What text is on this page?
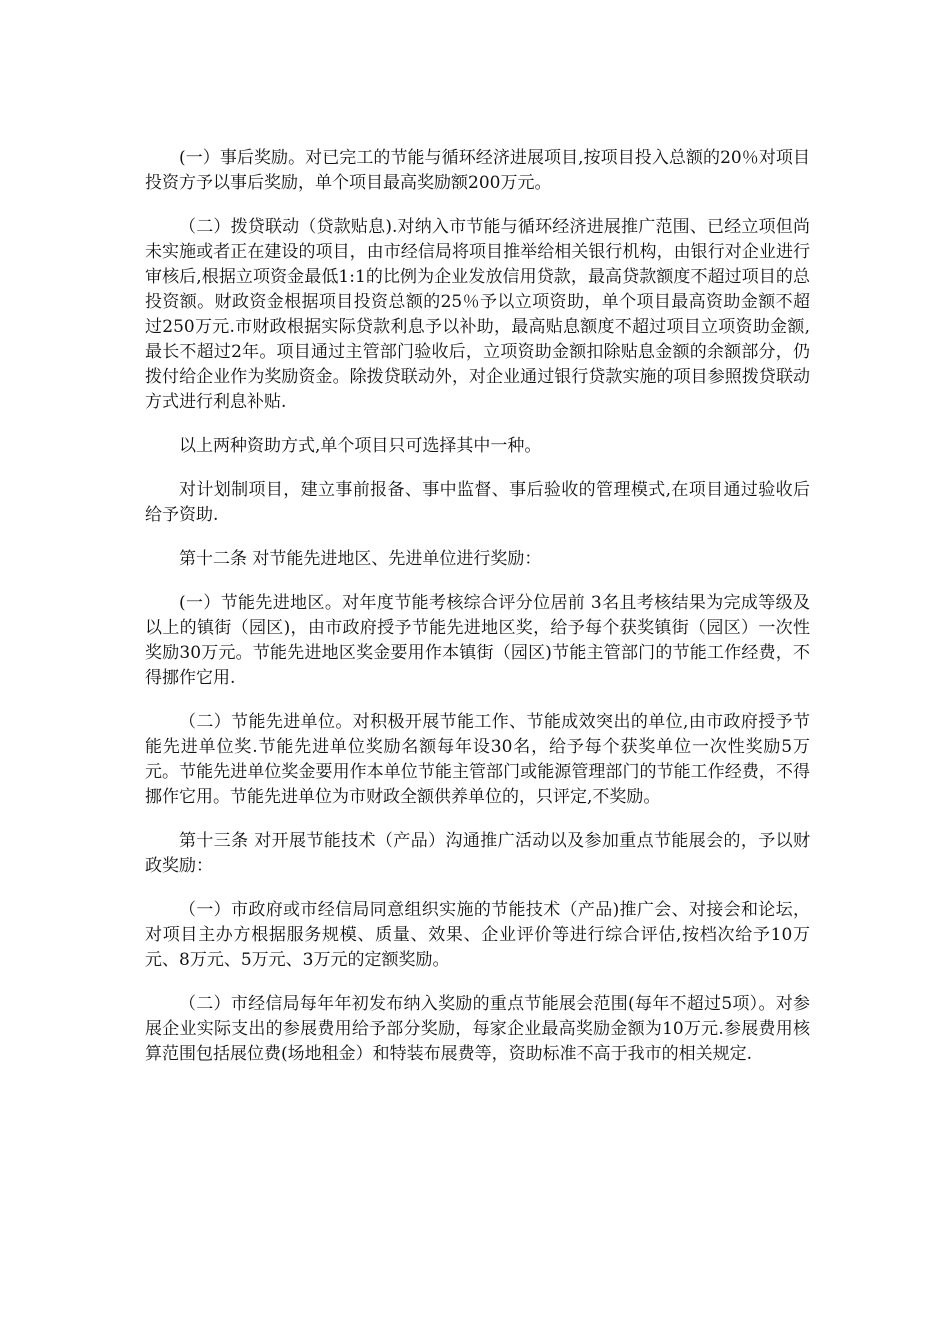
(一）事后奖励。对已完工的节能与循环经济进展项目,按项目投入总额的20％对项目投资方予以事后奖励，单个项目最高奖励额200万元。

（二）拨贷联动（贷款贴息).对纳入市节能与循环经济进展推广范围、已经立项但尚未实施或者正在建设的项目，由市经信局将项目推举给相关银行机构，由银行对企业进行审核后,根据立项资金最低1:1的比例为企业发放信用贷款，最高贷款额度不超过项目的总投资额。财政资金根据项目投资总额的25％予以立项资助，单个项目最高资助金额不超过250万元.市财政根据实际贷款利息予以补助，最高贴息额度不超过项目立项资助金额,最长不超过2年。项目通过主管部门验收后，立项资助金额扣除贴息金额的余额部分，仍拨付给企业作为奖励资金。除拨贷联动外，对企业通过银行贷款实施的项目参照拨贷联动方式进行利息补贴.

以上两种资助方式,单个项目只可选择其中一种。

对计划制项目，建立事前报备、事中监督、事后验收的管理模式,在项目通过验收后给予资助.

第十二条 对节能先进地区、先进单位进行奖励：

(一）节能先进地区。对年度节能考核综合评分位居前 3名且考核结果为完成等级及以上的镇街（园区)，由市政府授予节能先进地区奖，给予每个获奖镇街（园区）一次性奖励30万元。节能先进地区奖金要用作本镇街（园区)节能主管部门的节能工作经费，不得挪作它用.

（二）节能先进单位。对积极开展节能工作、节能成效突出的单位,由市政府授予节能先进单位奖.节能先进单位奖励名额每年设30名，给予每个获奖单位一次性奖励5万元。节能先进单位奖金要用作本单位节能主管部门或能源管理部门的节能工作经费，不得挪作它用。节能先进单位为市财政全额供养单位的，只评定,不奖励。

第十三条 对开展节能技术（产品）沟通推广活动以及参加重点节能展会的，予以财政奖励：

（一）市政府或市经信局同意组织实施的节能技术（产品)推广会、对接会和论坛，对项目主办方根据服务规模、质量、效果、企业评价等进行综合评估,按档次给予10万元、8万元、5万元、3万元的定额奖励。

（二）市经信局每年年初发布纳入奖励的重点节能展会范围(每年不超过5项）。对参展企业实际支出的参展费用给予部分奖励，每家企业最高奖励金额为10万元.参展费用核算范围包括展位费(场地租金）和特装布展费等，资助标准不高于我市的相关规定.
